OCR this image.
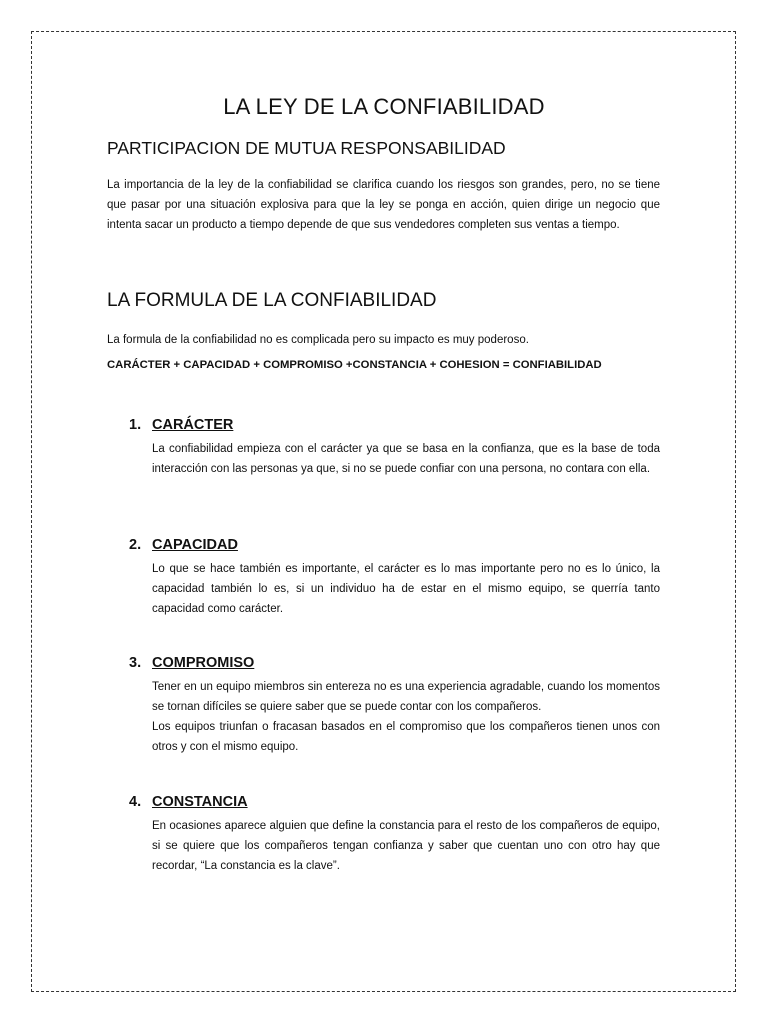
LA LEY DE LA CONFIABILIDAD
PARTICIPACION DE MUTUA RESPONSABILIDAD
La importancia de la ley de la confiabilidad se clarifica cuando los riesgos son grandes, pero, no se tiene que pasar por una situación explosiva para que la ley se ponga en acción, quien dirige un negocio que intenta sacar un producto a tiempo depende de que sus vendedores completen sus ventas a tiempo.
LA FORMULA DE LA CONFIABILIDAD
La formula de la confiabilidad no es complicada pero su impacto es muy poderoso.
CARÁCTER + CAPACIDAD + COMPROMISO +CONSTANCIA + COHESION = CONFIABILIDAD
1. CARÁCTER
La confiabilidad empieza con el carácter ya que se basa en la confianza, que es la base de toda interacción con las personas ya que, si no se puede confiar con una persona, no contara con ella.
2. CAPACIDAD
Lo que se hace también es importante, el carácter es lo mas importante pero no es lo único, la capacidad también lo es, si un individuo ha de estar en el mismo equipo, se querría tanto capacidad como carácter.
3. COMPROMISO
Tener en un equipo miembros sin entereza no es una experiencia agradable, cuando los momentos se tornan difíciles se quiere saber que se puede contar con los compañeros.
Los equipos triunfan o fracasan basados en el compromiso que los compañeros tienen unos con otros y con el mismo equipo.
4. CONSTANCIA
En ocasiones aparece alguien que define la constancia para el resto de los compañeros de equipo, si se quiere que los compañeros tengan confianza y saber que cuentan uno con otro hay que recordar, “La constancia es la clave”.
